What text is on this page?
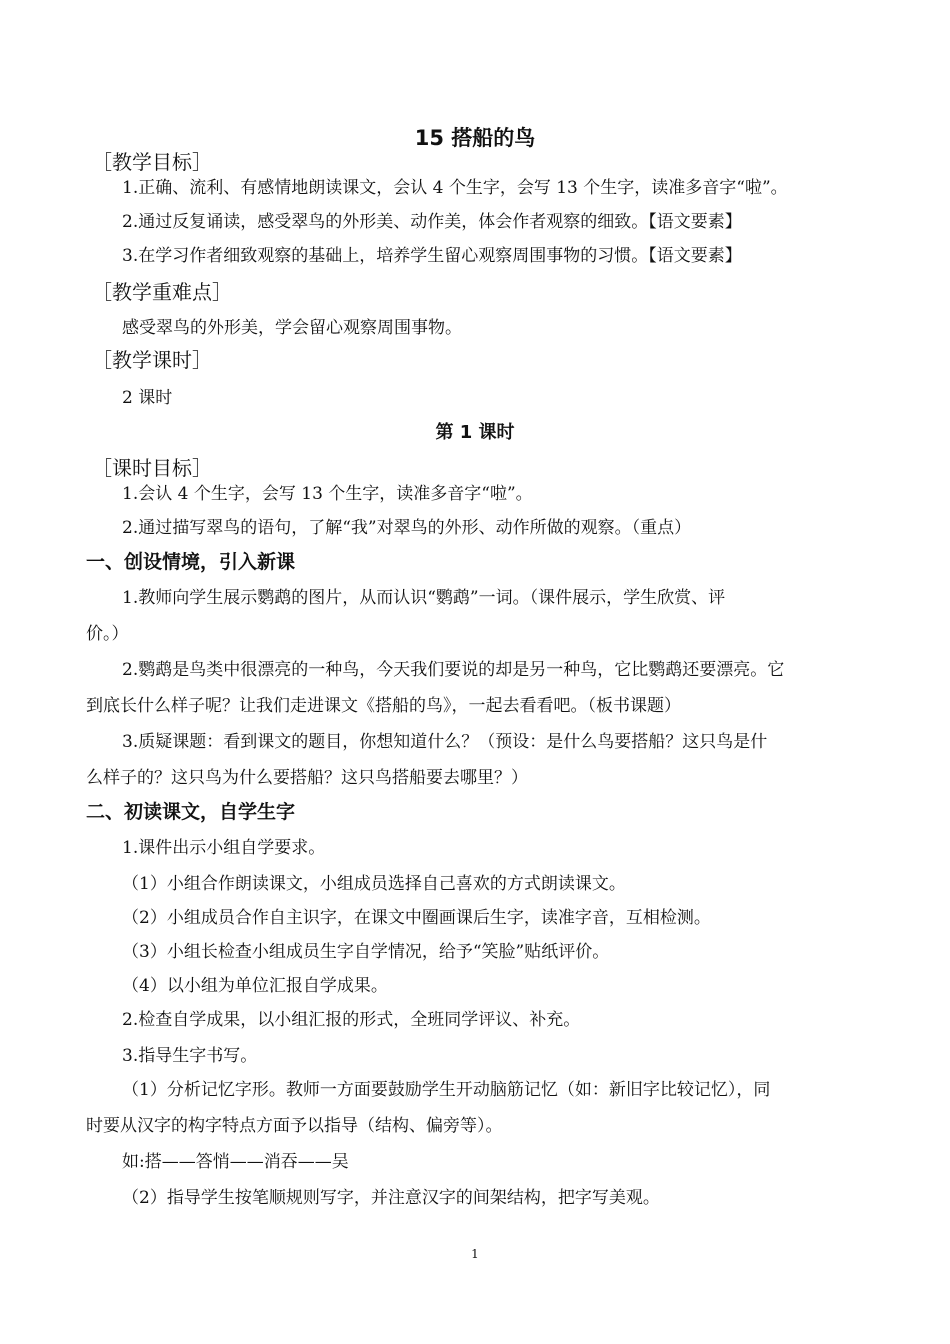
15 搭船的鸟
［教学目标］
1.正确、流利、有感情地朗读课文，会认 4 个生字，会写 13 个生字，读准多音字“啦”。
2.通过反复诵读，感受翠鸟的外形美、动作美，体会作者观察的细致。【语文要素】
3.在学习作者细致观察的基础上，培养学生留心观察周围事物的习惯。【语文要素】
［教学重难点］
感受翠鸟的外形美，学会留心观察周围事物。
［教学课时］
2 课时
第 1 课时
［课时目标］
1.会认 4 个生字，会写 13 个生字，读准多音字“啦”。
2.通过描写翠鸟的语句，了解“我”对翠鸟的外形、动作所做的观察。（重点）
一、创设情境，引入新课
1.教师向学生展示鹦鹉的图片，从而认识“鹦鹉”一词。（课件展示，学生欣赏、评
价。）
2.鹦鹉是鸟类中很漂亮的一种鸟，今天我们要说的却是另一种鸟，它比鹦鹉还要漂亮。它
到底长什么样子呢？让我们走进课文《搭船的鸟》，一起去看看吧。（板书课题）
3.质疑课题：看到课文的题目，你想知道什么？（预设：是什么鸟要搭船？这只鸟是什
么样子的？这只鸟为什么要搭船？这只鸟搭船要去哪里？）
二、初读课文，自学生字
1.课件出示小组自学要求。
（1）小组合作朗读课文，小组成员选择自己喜欢的方式朗读课文。
（2）小组成员合作自主识字，在课文中圈画课后生字，读准字音，互相检测。
（3）小组长检查小组成员生字自学情况，给予“笑脸”贴纸评价。
（4）以小组为单位汇报自学成果。
2.检查自学成果，以小组汇报的形式，全班同学评议、补充。
3.指导生字书写。
（1）分析记忆字形。教师一方面要鼓励学生开动脑筋记忆（如：新旧字比较记忆），同
时要从汉字的构字特点方面予以指导（结构、偏旁等）。
如:搭——答悄——消吞——吴
（2）指导学生按笔顺规则写字，并注意汉字的间架结构，把字写美观。
1
